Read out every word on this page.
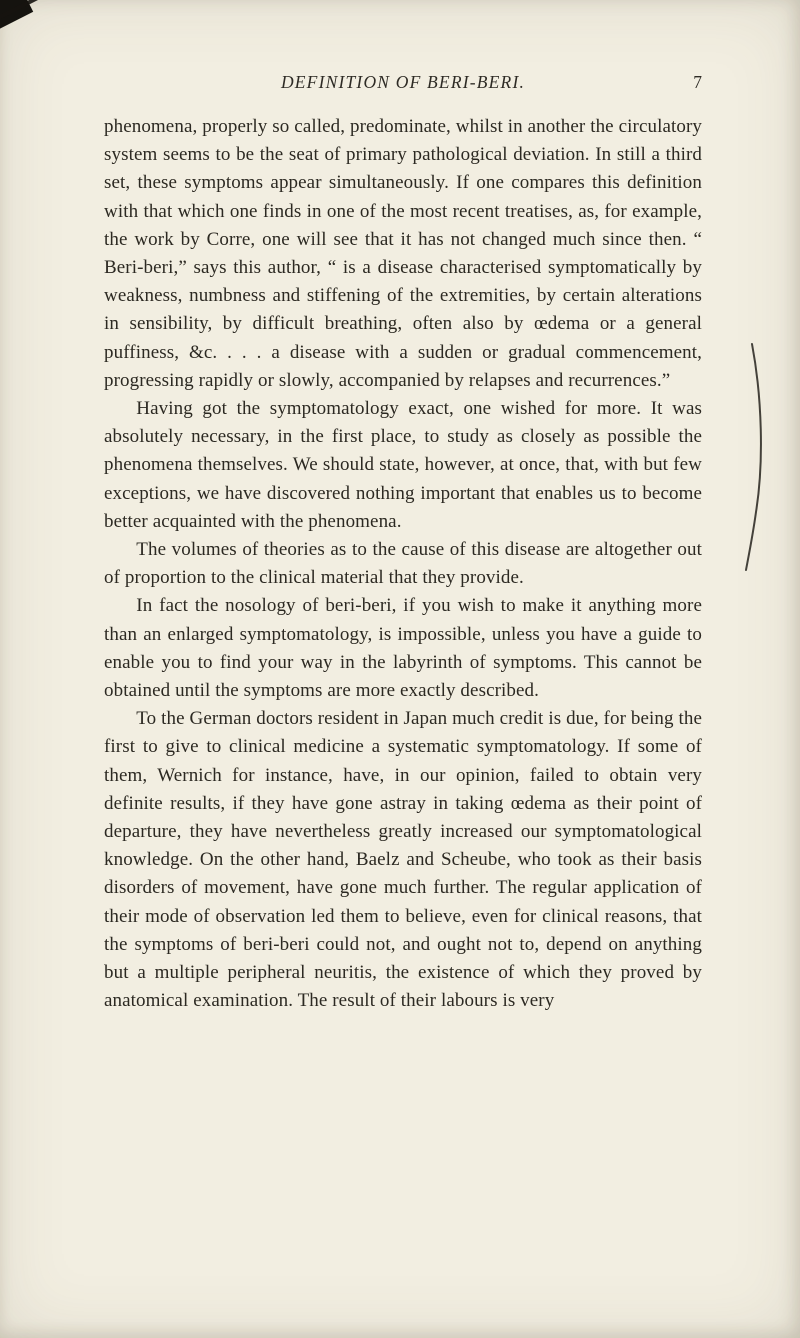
DEFINITION OF BERI-BERI.	7

phenomena, properly so called, predominate, whilst in another the circulatory system seems to be the seat of primary pathological deviation. In still a third set, these symptoms appear simultaneously. If one compares this definition with that which one finds in one of the most recent treatises, as, for example, the work by Corre, one will see that it has not changed much since then. “ Beri-beri,” says this author, “ is a disease characterised symptomatically by weakness, numbness and stiffening of the extremities, by certain alterations in sensibility, by difficult breathing, often also by œdema or a general puffiness, &c. . . . a disease with a sudden or gradual commencement, progressing rapidly or slowly, accompanied by relapses and recurrences.”

Having got the symptomatology exact, one wished for more. It was absolutely necessary, in the first place, to study as closely as possible the phenomena themselves. We should state, however, at once, that, with but few exceptions, we have discovered nothing important that enables us to become better acquainted with the phenomena.

The volumes of theories as to the cause of this disease are altogether out of proportion to the clinical material that they provide.

In fact the nosology of beri-beri, if you wish to make it anything more than an enlarged symptomatology, is impossible, unless you have a guide to enable you to find your way in the labyrinth of symptoms. This cannot be obtained until the symptoms are more exactly described.

To the German doctors resident in Japan much credit is due, for being the first to give to clinical medicine a systematic symptomatology. If some of them, Wernich for instance, have, in our opinion, failed to obtain very definite results, if they have gone astray in taking œdema as their point of departure, they have nevertheless greatly increased our symptomatological knowledge. On the other hand, Baelz and Scheube, who took as their basis disorders of movement, have gone much further. The regular application of their mode of observation led them to believe, even for clinical reasons, that the symptoms of beri-beri could not, and ought not to, depend on anything but a multiple peripheral neuritis, the existence of which they proved by anatomical examination. The result of their labours is very
